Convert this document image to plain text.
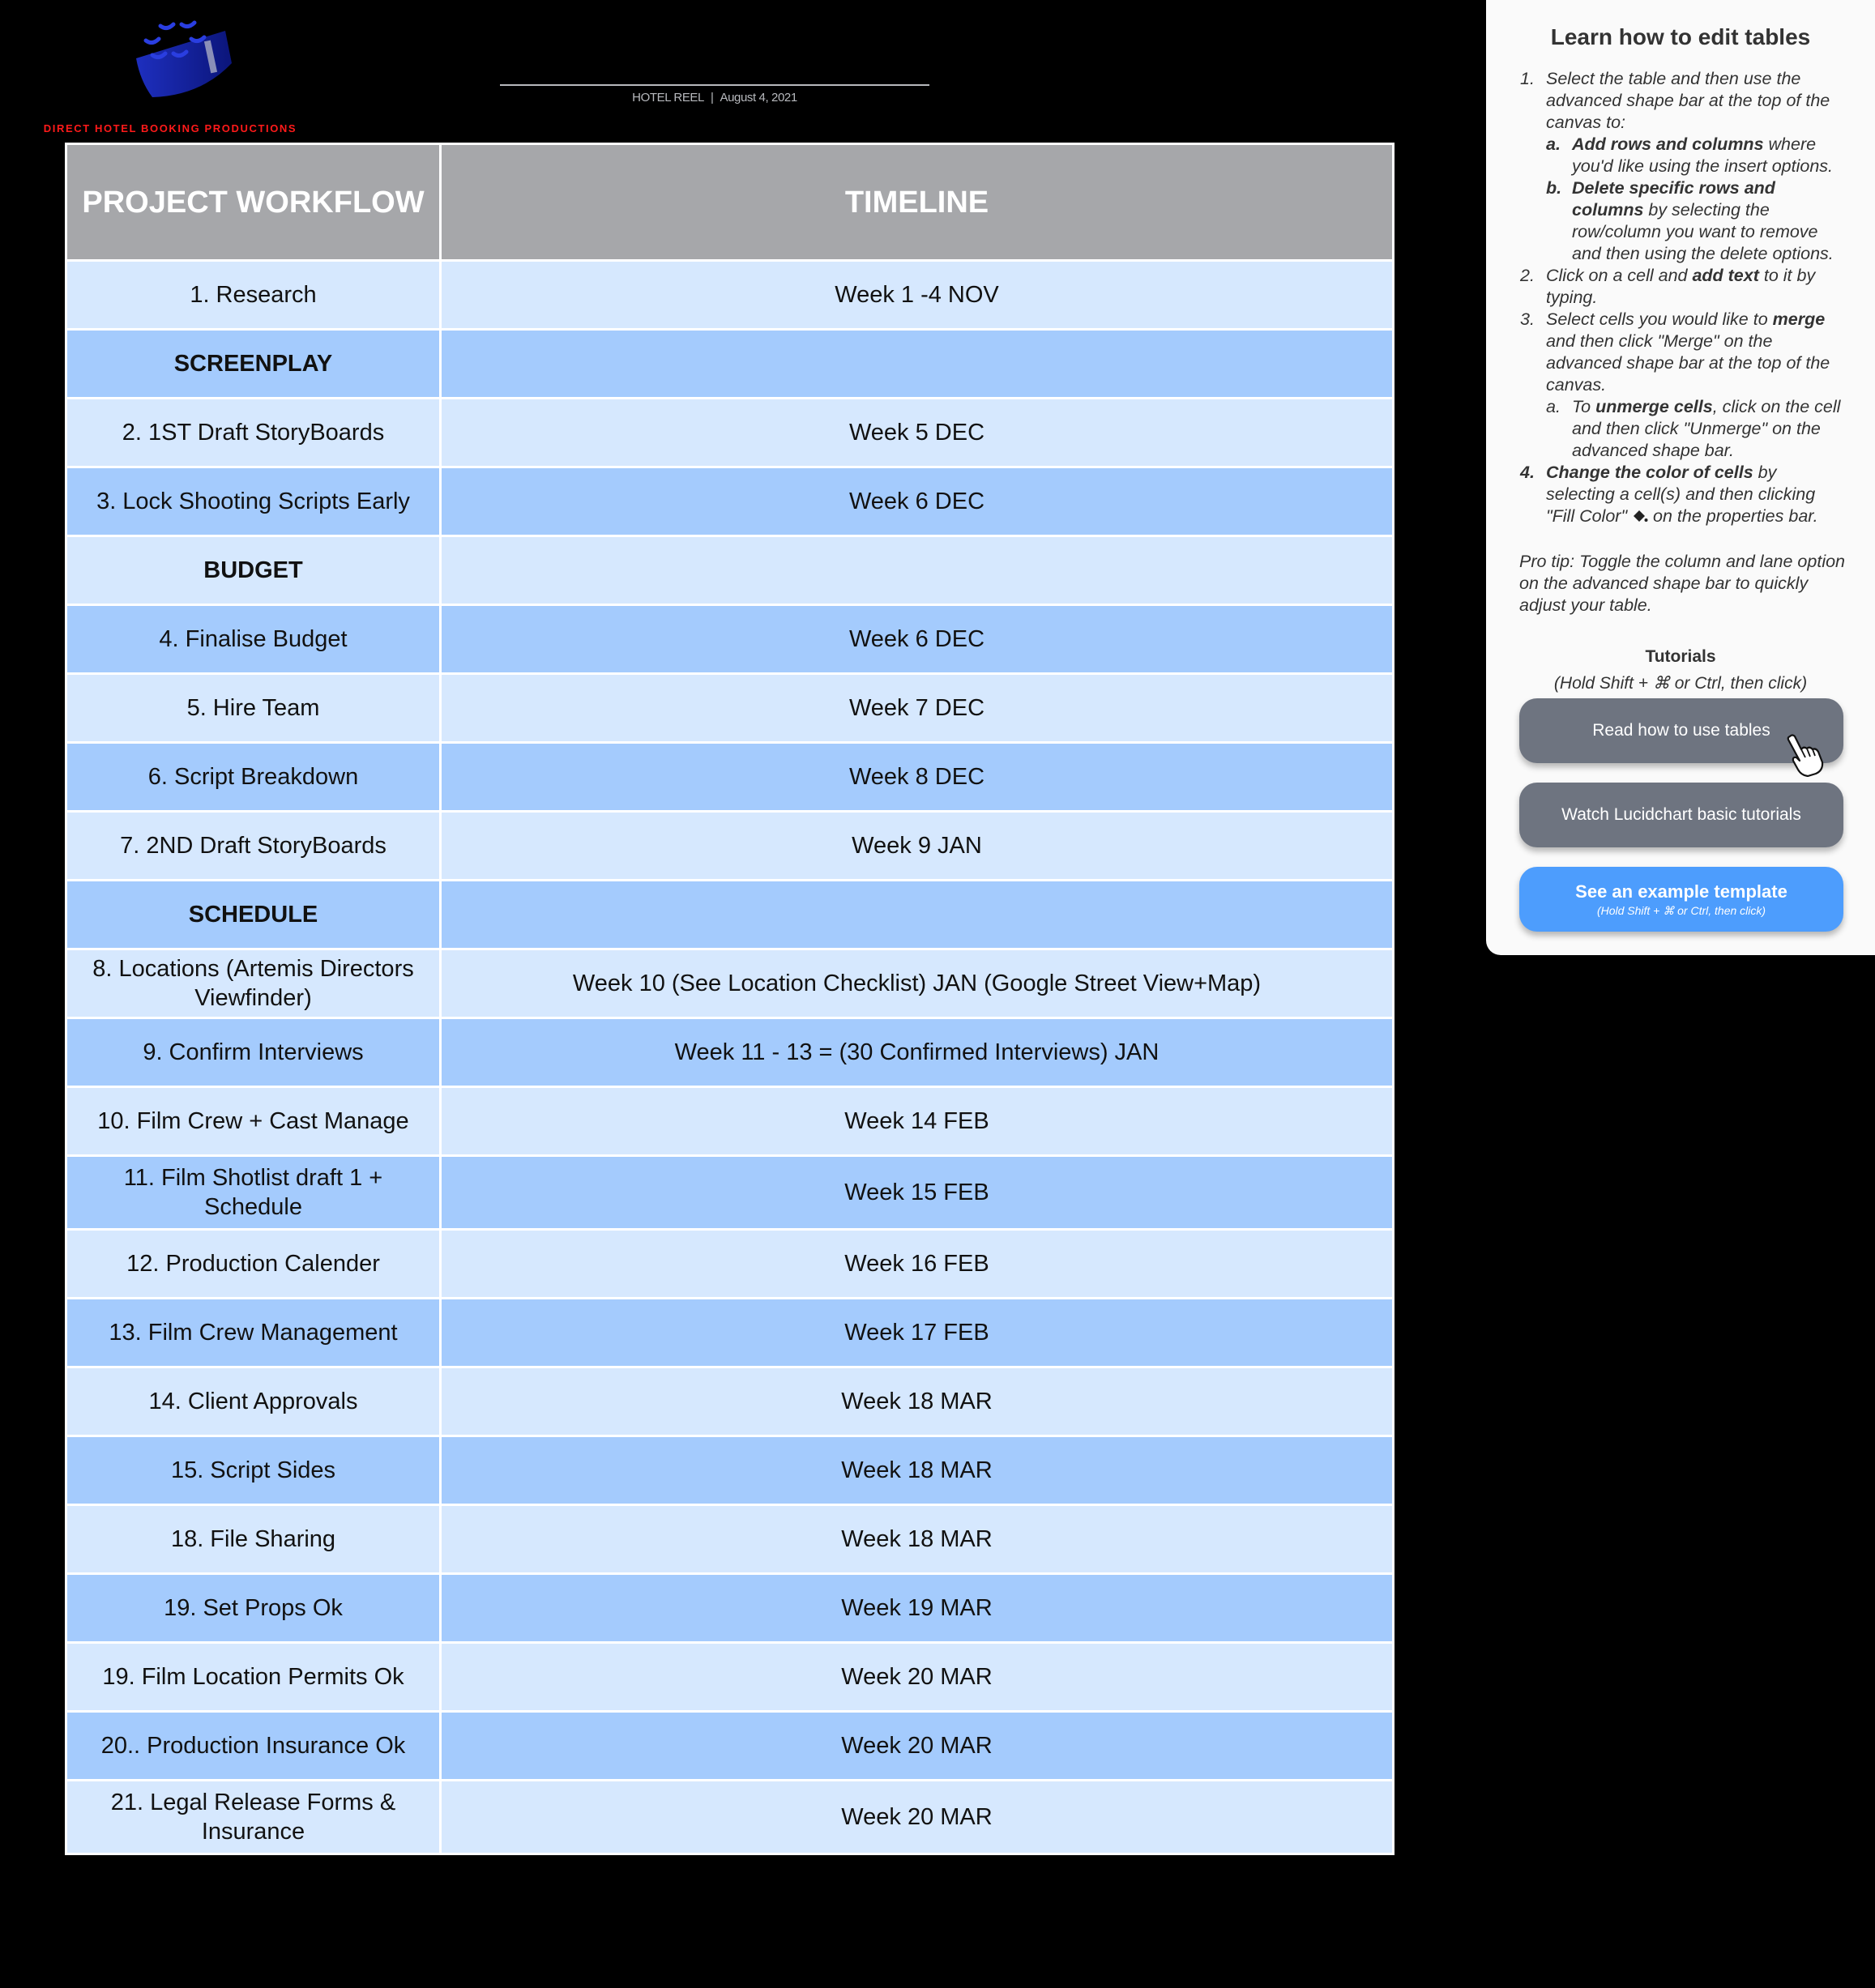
DIRECT HOTEL BOOKING PRODUCTIONS
HOTEL REEL | August 4, 2021
PROJECT WORKFLOW	TIMELINE
1. Research	Week 1 -4 NOV
SCREENPLAY	
2. 1ST Draft StoryBoards	Week 5 DEC
3. Lock Shooting Scripts Early	Week 6 DEC
BUDGET	
4. Finalise Budget	Week 6 DEC
5. Hire Team	Week 7 DEC
6. Script Breakdown	Week 8 DEC
7. 2ND Draft StoryBoards	Week 9 JAN
SCHEDULE	
8. Locations (Artemis Directors Viewfinder)	Week 10 (See Location Checklist) JAN (Google Street View+Map)
9. Confirm Interviews	Week 11 - 13 = (30 Confirmed Interviews) JAN
10. Film Crew + Cast Manage	Week 14 FEB
11. Film Shotlist draft 1 + Schedule	Week 15 FEB
12. Production Calender	Week 16 FEB
13. Film Crew Management	Week 17 FEB
14. Client Approvals	Week 18 MAR
15. Script Sides	Week 18 MAR
18. File Sharing	Week 18 MAR
19. Set Props Ok	Week 19 MAR
19. Film Location Permits Ok	Week 20 MAR
20.. Production Insurance Ok	Week 20 MAR
21. Legal Release Forms & Insurance	Week 20 MAR
Learn how to edit tables
1. Select the table and then use the advanced shape bar at the top of the canvas to:
a. Add rows and columns where you'd like using the insert options.
b. Delete specific rows and columns by selecting the row/column you want to remove and then using the delete options.
2. Click on a cell and add text to it by typing.
3. Select cells you would like to merge and then click "Merge" on the advanced shape bar at the top of the canvas.
a. To unmerge cells, click on the cell and then click "Unmerge" on the advanced shape bar.
4. Change the color of cells by selecting a cell(s) and then clicking "Fill Color"  on the properties bar.
Pro tip: Toggle the column and lane option on the advanced shape bar to quickly adjust your table.
Tutorials
(Hold Shift + ⌘ or Ctrl, then click)
Read how to use tables
Watch Lucidchart basic tutorials
See an example template
(Hold Shift + ⌘ or Ctrl, then click)
